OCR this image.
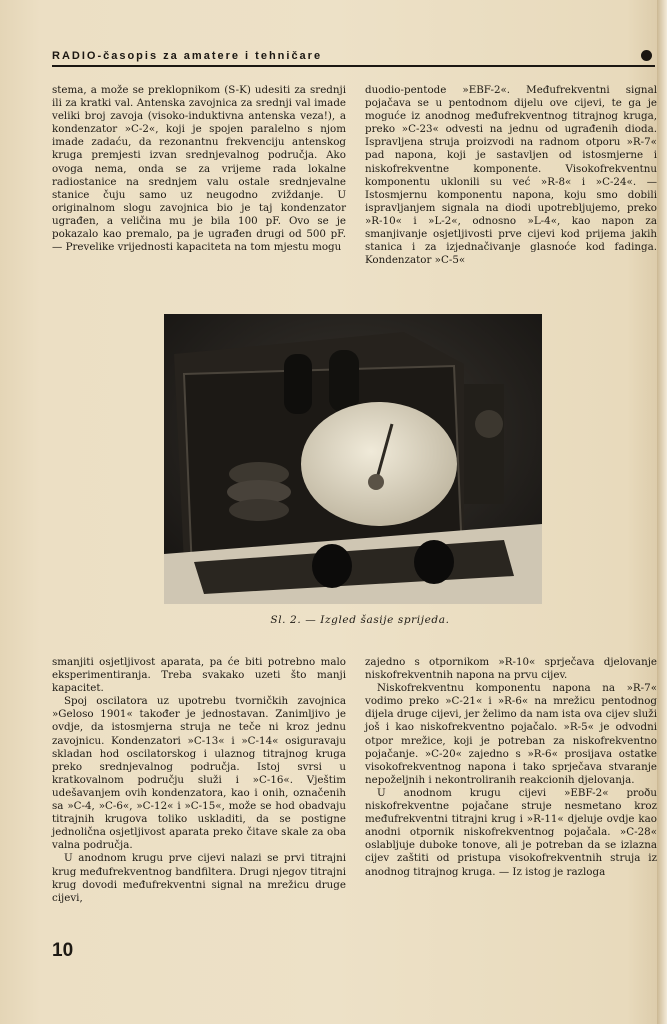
RADIO-časopis za amatere i tehničare

stema, a može se preklopnikom (S-K) udesiti za srednji ili za kratki val. Antenska zavojnica za srednji val imade veliki broj zavoja (visoko-induktivna antenska veza!), a kondenzator »C-2«, koji je spojen paralelno s njom imade zadaću, da rezonantnu frekvenciju antenskog kruga premjesti izvan srednjevalnog područja. Ako ovoga nema, onda se za vrijeme rada lokalne radiostanice na srednjem valu ostale srednjevalne stanice čuju samo uz neugodno zviždanje. U originalnom slogu zavojnica bio je taj kondenzator ugrađen, a veličina mu je bila 100 pF. Ovo se je pokazalo kao premalo, pa je ugrađen drugi od 500 pF. — Prevelike vrijednosti kapaciteta na tom mjestu mogu

duodio-pentode »EBF-2«. Međufrekventni signal pojačava se u pentodnom dijelu ove cijevi, te ga je moguće iz anodnog međufrekventnog titrajnog kruga, preko »C-23« odvesti na jednu od ugrađenih dioda. Ispravljena struja proizvodi na radnom otporu »R-7« pad napona, koji je sastavljen od istosmjerne i niskofrekventne komponente. Visokofrekventnu komponentu uklonili su već »R-8« i »C-24«. — Istosmjernu komponentu napona, koju smo dobili ispravljanjem signala na diodi upotrebljujemo, preko »R-10« i »L-2«, odnosno »L-4«, kao napon za smanjivanje osjetljivosti prve cijevi kod prijema jakih stanica i za izjednačivanje glasnoće kod fadinga. Kondenzator »C-5«

Sl. 2. — Izgled šasije sprijeda.

smanjiti osjetljivost aparata, pa će biti potrebno malo eksperimentiranja. Treba svakako uzeti što manji kapacitet.

Spoj oscilatora uz upotrebu tvorničkih zavojnica »Geloso 1901« također je jednostavan. Zanimljivo je ovdje, da istosmjerna struja ne teče ni kroz jednu zavojnicu. Kondenzatori »C-13« i »C-14« osiguravaju skladan hod oscilatorskog i ulaznog titrajnog kruga preko srednjevalnog područja. Istoj svrsi u kratkovalnom području služi i »C-16«. Vještim udešavanjem ovih kondenzatora, kao i onih, označenih sa »C-4, »C-6«, »C-12« i »C-15«, može se hod obadvaju titrajnih krugova toliko uskladiti, da se postigne jednolična osjetljivost aparata preko čitave skale za oba valna područja.

U anodnom krugu prve cijevi nalazi se prvi titrajni krug međufrekventnog bandfiltera. Drugi njegov titrajni krug dovodi međufrekventni signal na mrežicu druge cijevi,

zajedno s otpornikom »R-10« sprječava djelovanje niskofrekventnih napona na prvu cijev.

Niskofrekventnu komponentu napona na »R-7« vodimo preko »C-21« i »R-6« na mrežicu pentodnog dijela druge cijevi, jer želimo da nam ista ova cijev služi još i kao niskofrekventno pojačalo. »R-5« je odvodni otpor mrežice, koji je potreban za niskofrekventno pojačanje. »C-20« zajedno s »R-6« prosijava ostatke visokofrekventnog napona i tako sprječava stvaranje nepoželjnih i nekontroliranih reakcionih djelovanja.

U anodnom krugu cijevi »EBF-2« proðu niskofrekventne pojačane struje nesmetano kroz međufrekventni titrajni krug i »R-11« djeluje ovdje kao anodni otpornik niskofrekventnog pojačala. »C-28« oslabljuje duboke tonove, ali je potreban da se izlazna cijev zaštiti od pristupa visokofrekventnih struja iz anodnog titrajnog kruga. — Iz istog je razloga

10
